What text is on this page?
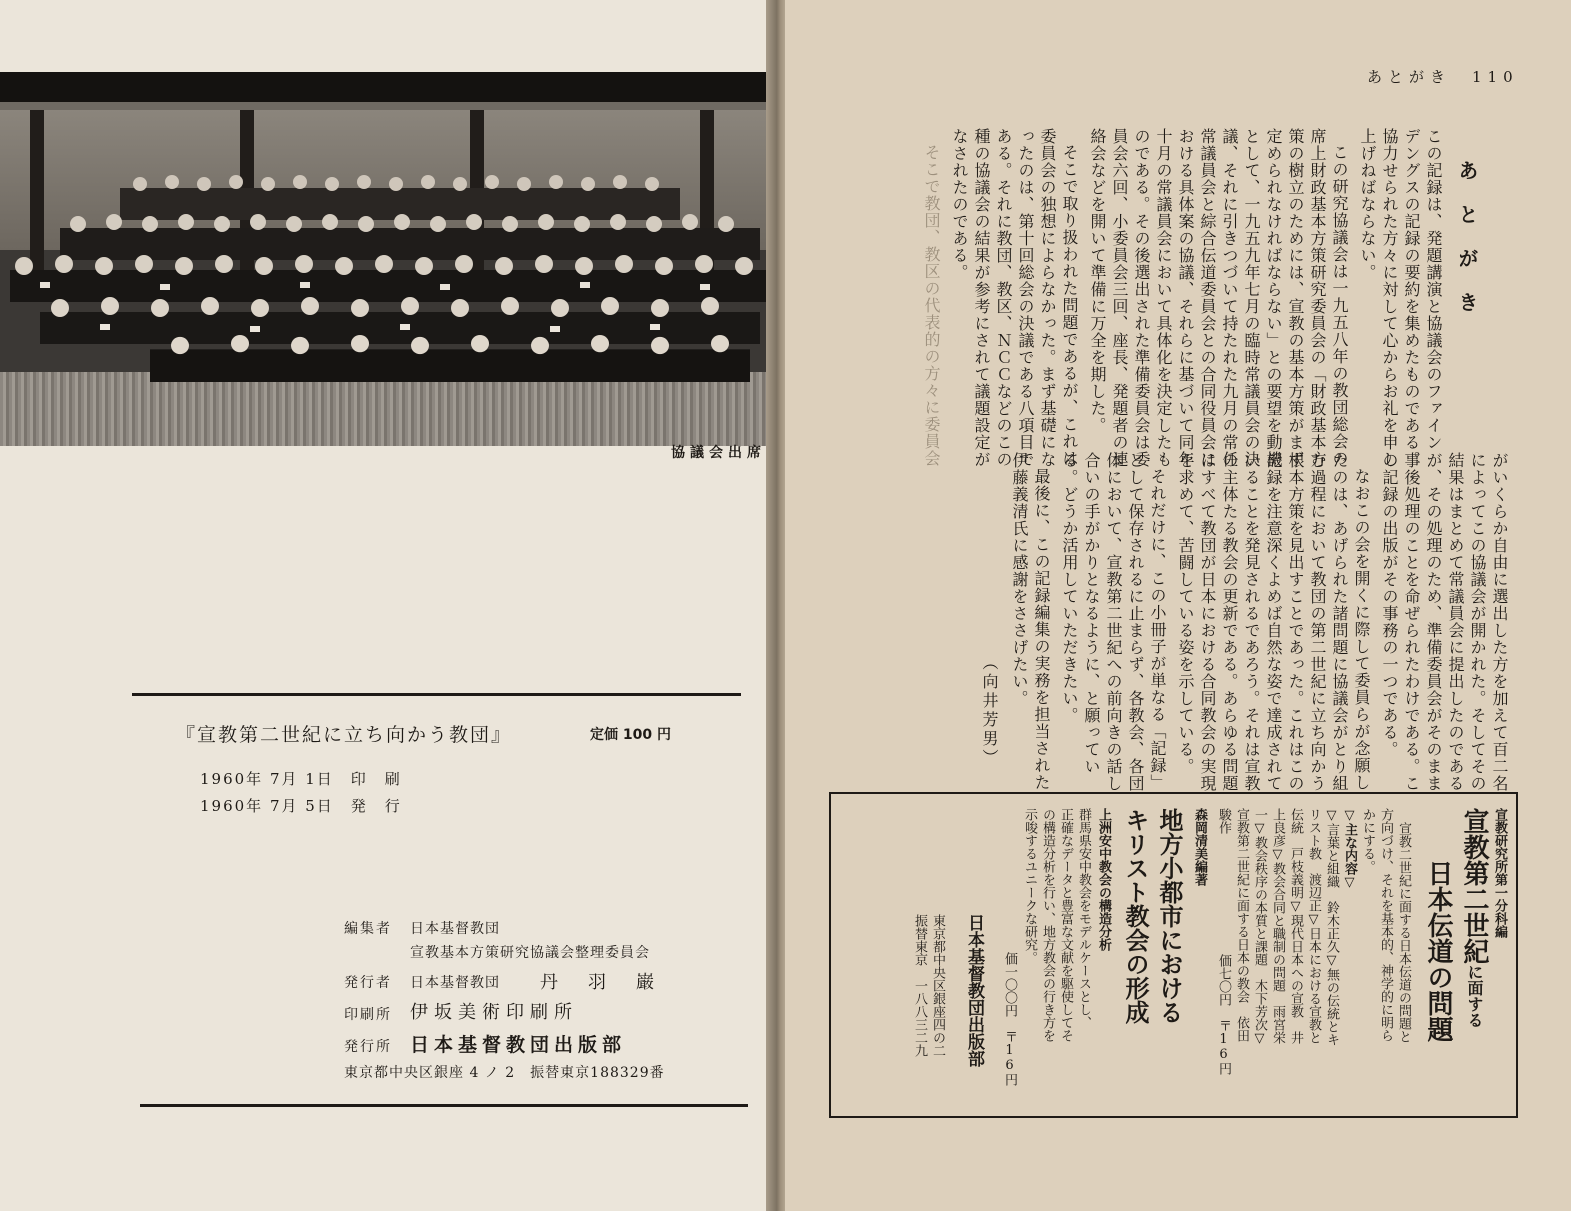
協議会出席
『宣教第二世紀に立ち向かう教団』	定価 100 円
1960年 7月 1日　印　刷
1960年 7月 5日　発　行
編集者 日本基督教団
宣教基本方策研究協議会整理委員会
発行者 日本基督教団 丹　羽　巌
印刷所 伊坂美術印刷所
発行所 日本基督教団出版部
東京都中央区銀座 4 ノ 2　振替東京188329番
あとがき　110
あとがき
この記録は、発題講演と協議会のファイン
デングスの記録の要約を集めたものである。
協力せられた方々に対して心からお礼を申し
上げねばならない。
この研究協議会は一九五八年の教団総会の
席上財政基本方策研究委員会の「財政基本方
策の樹立のためには、宣教の基本方策がまず
定められなければならない」との要望を動機
として、一九五九年七月の臨時常議員会の決
議、それに引きつづいて持たれた九月の常任
常議員会と綜合伝道委員会との合同役員会に
おける具体案の協議、それらに基づいて同年
十月の常議員会において具体化を決定したも
のである。その後選出された準備委員会は委
員会六回、小委員会三回、座長、発題者の連
絡会などを開いて準備に万全を期した。
そこで取り扱われた問題であるが、これは
委員会の独想によらなかった。まず基礎にな
ったのは、第十回総会の決議である八項目で
ある。それに教団、教区、ＮＣＣなどのこの
種の協議会の結果が参考にされて議題設定が
なされたのである。
そこで教団、教区の代表的の方々に委員会
がいくらか自由に選出した方を加えて百二名
によってこの協議会が開かれた。そしてその
結果はまとめて常議員会に提出したのである
が、その処理のため、準備委員会がそのまま
事後処理のことを命ぜられたわけである。こ
の記録の出版がその事務の一つである。
なおこの会を開くに際して委員らが念願し
たのは、あげられた諸問題に協議会がとり組
む過程において教団の第二世紀に立ち向かう
根本方策を見出すことであった。これはこの
記録を注意深くよめば自然な姿で達成されて
いることを発見されるであろう。それは宣教
の主体たる教会の更新である。あらゆる問題
はすべて教団が日本における合同教会の実現
を求めて、苦闘している姿を示している。
それだけに、この小冊子が単なる「記録」
として保存されるに止まらず、各教会、各団
体において、宣教第二世紀への前向きの話し
合いの手がかりとなるように、と願ってい
る。どうか活用していただきたい。
最後に、この記録編集の実務を担当された
伊藤義清氏に感謝をささげたい。
（向井芳男）
宣教研究所第一分科編
宣教第二世紀に面する
日本伝道の問題
宣教二世紀に面する日本伝道の問題と
方向づけ、それを基本的、神学的に明ら
かにする。
▽主な内容▽
▽言葉と組織　鈴木正久▽無の伝統とキ
リスト教　渡辺正▽日本における宣教と
伝統　戸枝義明▽現代日本への宣教　井
上良彦▽教会合同と職制の問題　雨宮栄
一▽教会秩序の本質と課題　木下芳次▽
宣教第二世紀に面する日本の教会　依田
駿作
価七〇円　〒16円
森岡清美編著
地方小都市における
キリスト教会の形成
上洲安中教会の構造分析
群馬県安中教会をモデルケースとし、
正確なデータと豊富な文献を駆使してそ
の構造分析を行い、地方教会の行き方を
示唆するユニークな研究。
価一〇〇円　〒16円
日本基督教団出版部
東京都中央区銀座四の二
振替東京　一八八三二九
